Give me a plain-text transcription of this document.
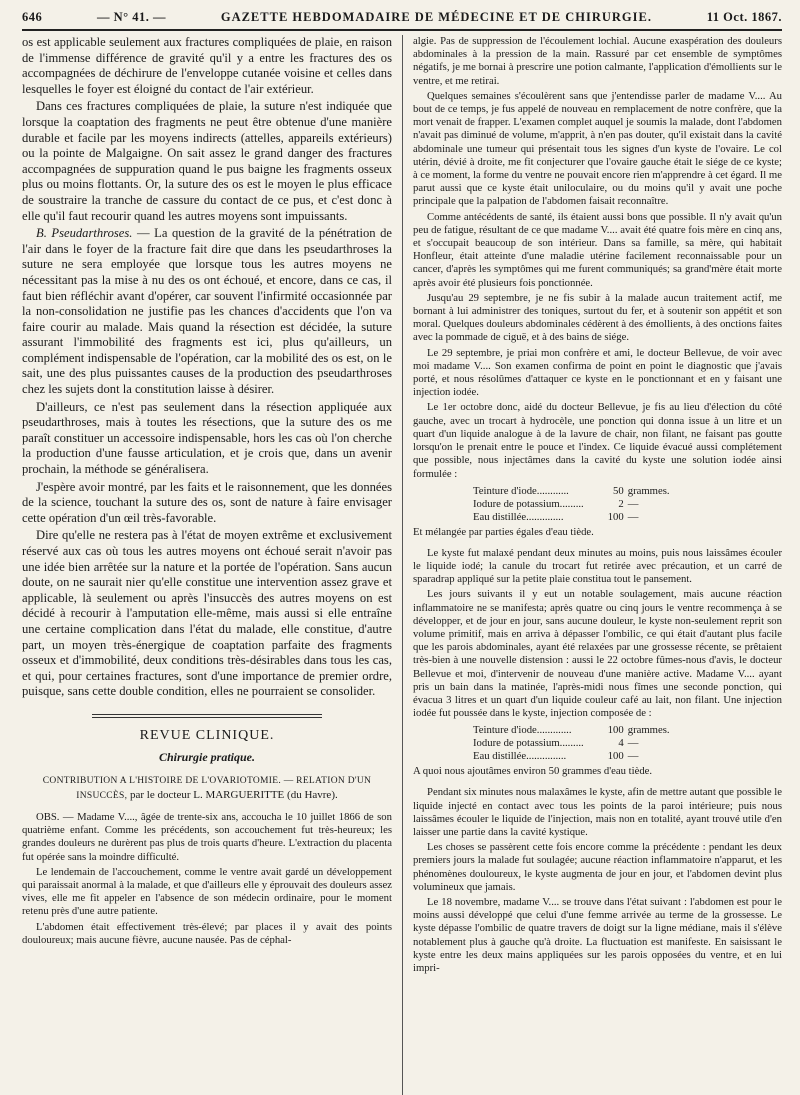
646	— N° 41. —	GAZETTE HEBDOMADAIRE DE MÉDECINE ET DE CHIRURGIE.	11 Oct. 1867.

os est applicable seulement aux fractures compliquées de plaie, en raison de l'immense différence de gravité qu'il y a entre les fractures des os accompagnées de déchirure de l'enveloppe cutanée voisine et celles dans lesquelles le foyer est éloigné du contact de l'air extérieur.

Dans ces fractures compliquées de plaie, la suture n'est indiquée que lorsque la coaptation des fragments ne peut être obtenue d'une manière durable et facile par les moyens indirects (attelles, appareils extérieurs) ou la pointe de Malgaigne. On sait assez le grand danger des fractures accompagnées de suppuration quand le pus baigne les fragments osseux plus ou moins flottants. Or, la suture des os est le moyen le plus efficace de soustraire la tranche de cassure du contact de ce pus, et c'est donc à elle qu'il faut recourir quand les autres moyens sont impuissants.

B. Pseudarthroses. — La question de la gravité de la pénétration de l'air dans le foyer de la fracture fait dire que dans les pseudarthroses la suture ne sera employée que lorsque tous les autres moyens ne nécessitant pas la mise à nu des os ont échoué, et encore, dans ce cas, il faut bien réfléchir avant d'opérer, car souvent l'infirmité occasionnée par la non-consolidation ne justifie pas les chances d'accidents que l'on va faire courir au malade. Mais quand la résection est décidée, la suture assurant l'immobilité des fragments est ici, plus qu'ailleurs, un complément indispensable de l'opération, car la mobilité des os est, on le sait, une des plus puissantes causes de la production des pseudarthroses chez les sujets dont la constitution laisse à désirer.

D'ailleurs, ce n'est pas seulement dans la résection appliquée aux pseudarthroses, mais à toutes les résections, que la suture des os me paraît constituer un accessoire indispensable, hors les cas où l'on cherche la production d'une fausse articulation, et je crois que, dans un avenir prochain, la méthode se généralisera.

J'espère avoir montré, par les faits et le raisonnement, que les données de la science, touchant la suture des os, sont de nature à faire envisager cette opération d'un œil très-favorable.

Dire qu'elle ne restera pas à l'état de moyen extrême et exclusivement réservé aux cas où tous les autres moyens ont échoué serait n'avoir pas une idée bien arrêtée sur la nature et la portée de l'opération. Sans aucun doute, on ne saurait nier qu'elle constitue une intervention assez grave et applicable, là seulement ou après l'insuccès des autres moyens on est décidé à recourir à l'amputation elle-même, mais aussi si elle entraîne une certaine complication dans l'état du malade, elle constitue, d'autre part, un moyen très-énergique de coaptation parfaite des fragments osseux et d'immobilité, deux conditions très-désirables dans tous les cas, et qui, pour certaines fractures, sont d'une importance de premier ordre, puisque, sans cette double condition, elles ne pourraient se consolider.

REVUE CLINIQUE.
Chirurgie pratique.

CONTRIBUTION A L'HISTOIRE DE L'OVARIOTOMIE. — RELATION D'UN INSUCCÈS, par le docteur L. MARGUERITTE (du Havre).

OBS. — Madame V...., âgée de trente-six ans, accoucha le 10 juillet 1866 de son quatrième enfant. Comme les précédents, son accouchement fut très-heureux; les grandes douleurs ne durèrent pas plus de trois quarts d'heure. L'extraction du placenta fut opérée sans la moindre difficulté.

Le lendemain de l'accouchement, comme le ventre avait gardé un développement qui paraissait anormal à la malade, et que d'ailleurs elle y éprouvait des douleurs assez vives, elle me fit appeler en l'absence de son médecin ordinaire, pour le moment retenu près d'une autre patiente.

L'abdomen était effectivement très-élevé; par places il y avait des points douloureux; mais aucune fièvre, aucune nausée. Pas de céphal-

algie. Pas de suppression de l'écoulement lochial. Aucune exaspération des douleurs abdominales à la pression de la main. Rassuré par cet ensemble de symptômes négatifs, je me bornai à prescrire une potion calmante, l'application d'émollients sur le ventre, et me retirai.

Quelques semaines s'écoulèrent sans que j'entendisse parler de madame V.... Au bout de ce temps, je fus appelé de nouveau en remplacement de notre confrère, que la mort venait de frapper. L'examen complet auquel je soumis la malade, dont l'abdomen n'avait pas diminué de volume, m'apprit, à n'en pas douter, qu'il existait dans la cavité abdominale une tumeur qui présentait tous les signes d'un kyste de l'ovaire. Le col utérin, dévié à droite, me fit conjecturer que l'ovaire gauche était le siége de ce kyste; à ce moment, la forme du ventre ne pouvait encore rien m'apprendre à cet égard. Il me parut aussi que ce kyste était uniloculaire, ou du moins qu'il y avait une poche principale que la palpation de l'abdomen faisait reconnaître.

Comme antécédents de santé, ils étaient aussi bons que possible. Il n'y avait qu'un peu de fatigue, résultant de ce que madame V.... avait été quatre fois mère en cinq ans, et s'occupait beaucoup de son intérieur. Dans sa famille, sa mère, qui habitait Honfleur, était atteinte d'une maladie utérine facilement reconnaissable pour un cancer, d'après les symptômes qui me furent communiqués; sa grand'mère était morte après avoir été plusieurs fois ponctionnée.

Jusqu'au 29 septembre, je ne fis subir à la malade aucun traitement actif, me bornant à lui administrer des toniques, surtout du fer, et à soutenir son appétit et son moral. Quelques douleurs abdominales cédèrent à des émollients, à des onctions faites avec la pommade de ciguë, et à des bains de siége.

Le 29 septembre, je priai mon confrère et ami, le docteur Bellevue, de voir avec moi madame V.... Son examen confirma de point en point le diagnostic que j'avais porté, et nous résolûmes d'attaquer ce kyste en le ponctionnant et en y faisant une injection iodée.

Le 1er octobre donc, aidé du docteur Bellevue, je fis au lieu d'élection du côté gauche, avec un trocart à hydrocèle, une ponction qui donna issue à un litre et un quart d'un liquide analogue à de la lavure de chair, non filant, ne faisant pas goutte lorsqu'on le prenait entre le pouce et l'index. Ce liquide évacué aussi complétement que possible, nous injectâmes dans la cavité du kyste une solution iodée ainsi formulée :

Teinture d'iode............	50	grammes.
Iodure de potassium.........	2	—
Eau distillée..............	100	—

Et mélangée par parties égales d'eau tiède.

Le kyste fut malaxé pendant deux minutes au moins, puis nous laissâmes écouler le liquide iodé; la canule du trocart fut retirée avec précaution, et un carré de sparadrap appliqué sur la petite plaie constitua tout le pansement.

Les jours suivants il y eut un notable soulagement, mais aucune réaction inflammatoire ne se manifesta; après quatre ou cinq jours le ventre recommença à se développer, et de jour en jour, sans aucune douleur, le kyste non-seulement reprit son volume primitif, mais en arriva à dépasser l'ombilic, ce qui était d'autant plus facile que les parois abdominales, ayant été relaxées par une grossesse récente, se prêtaient très-bien à une nouvelle distension : aussi le 22 octobre fûmes-nous d'avis, le docteur Bellevue et moi, d'intervenir de nouveau d'une manière active. Madame V.... ayant pris un bain dans la matinée, l'après-midi nous fîmes une seconde ponction, qui évacua 3 litres et un quart d'un liquide couleur café au lait, non filant. Une injection iodée fut poussée dans le kyste, injection composée de :

Teinture d'iode.............	100	grammes.
Iodure de potassium.........	4	—
Eau distillée...............	100	—

A quoi nous ajoutâmes environ 50 grammes d'eau tiède.

Pendant six minutes nous malaxâmes le kyste, afin de mettre autant que possible le liquide injecté en contact avec tous les points de la paroi intérieure; puis nous laissâmes écouler le liquide de l'injection, mais non en totalité, ayant trouvé utile d'en laisser une partie dans la cavité kystique.

Les choses se passèrent cette fois encore comme la précédente : pendant les deux premiers jours la malade fut soulagée; aucune réaction inflammatoire n'apparut, et les phénomènes douloureux, le kyste augmenta de jour en jour, et l'abdomen devint plus volumineux que jamais.

Le 18 novembre, madame V.... se trouve dans l'état suivant : l'abdomen est pour le moins aussi développé que celui d'une femme arrivée au terme de la grossesse. Le kyste dépasse l'ombilic de quatre travers de doigt sur la ligne médiane, mais il s'élève notablement plus à gauche qu'à droite. La fluctuation est manifeste. En saisissant le kyste entre les deux mains appliquées sur les parois opposées du ventre, et en lui impri-
